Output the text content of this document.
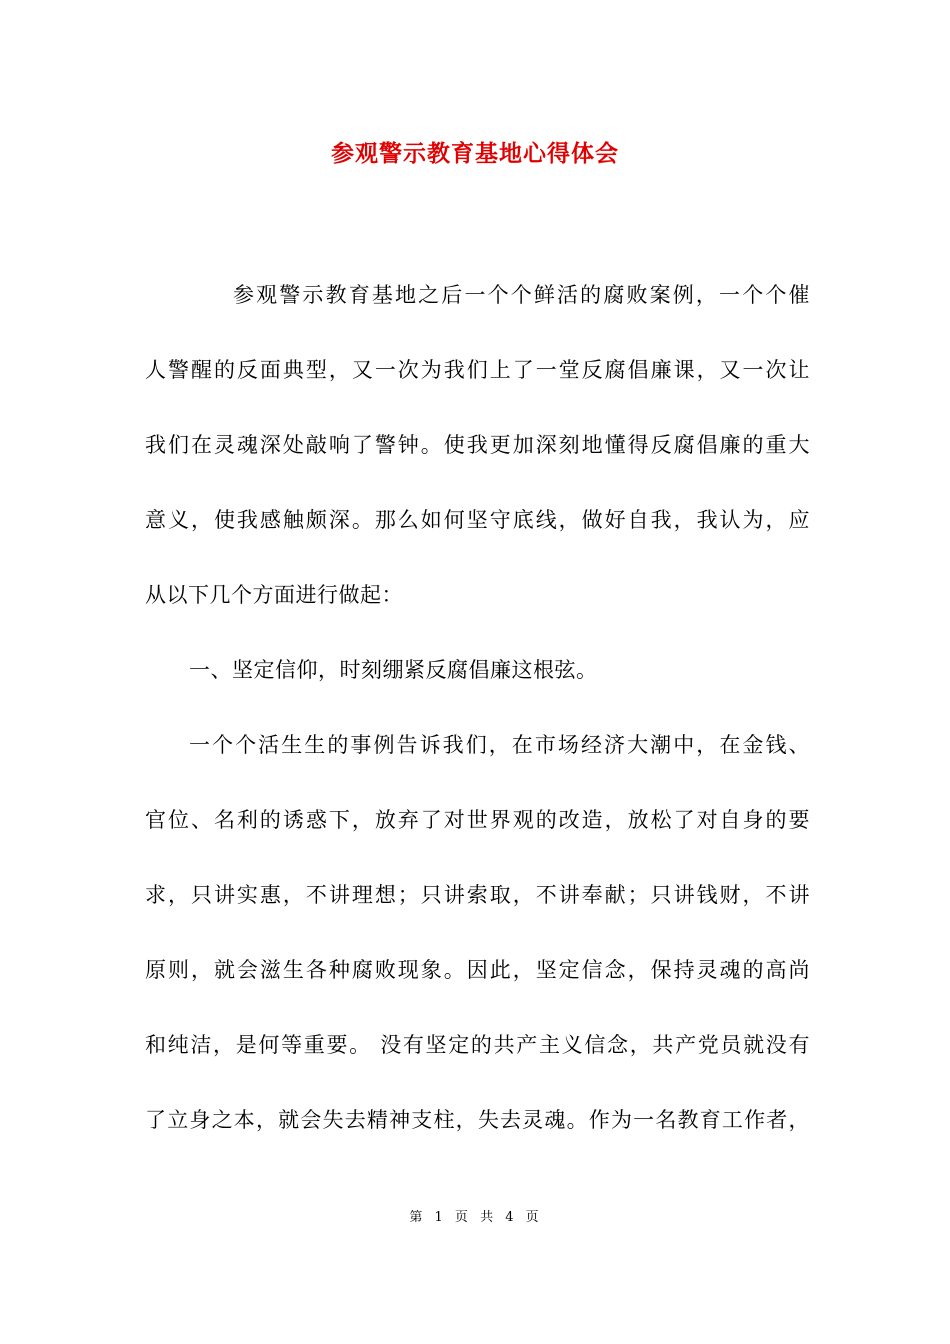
参观警示教育基地心得体会
参观警示教育基地之后一个个鲜活的腐败案例，一个个催
人警醒的反面典型，又一次为我们上了一堂反腐倡廉课，又一次让
我们在灵魂深处敲响了警钟。使我更加深刻地懂得反腐倡廉的重大
意义，使我感触颇深。那么如何坚守底线，做好自我，我认为，应
从以下几个方面进行做起：
一、坚定信仰，时刻绷紧反腐倡廉这根弦。
一个个活生生的事例告诉我们，在市场经济大潮中，在金钱、
官位、名利的诱惑下，放弃了对世界观的改造，放松了对自身的要
求，只讲实惠，不讲理想；只讲索取，不讲奉献；只讲钱财，不讲
原则，就会滋生各种腐败现象。因此，坚定信念，保持灵魂的高尚
和纯洁，是何等重要。 没有坚定的共产主义信念，共产党员就没有
了立身之本，就会失去精神支柱，失去灵魂。作为一名教育工作者，
第 1 页 共 4 页
